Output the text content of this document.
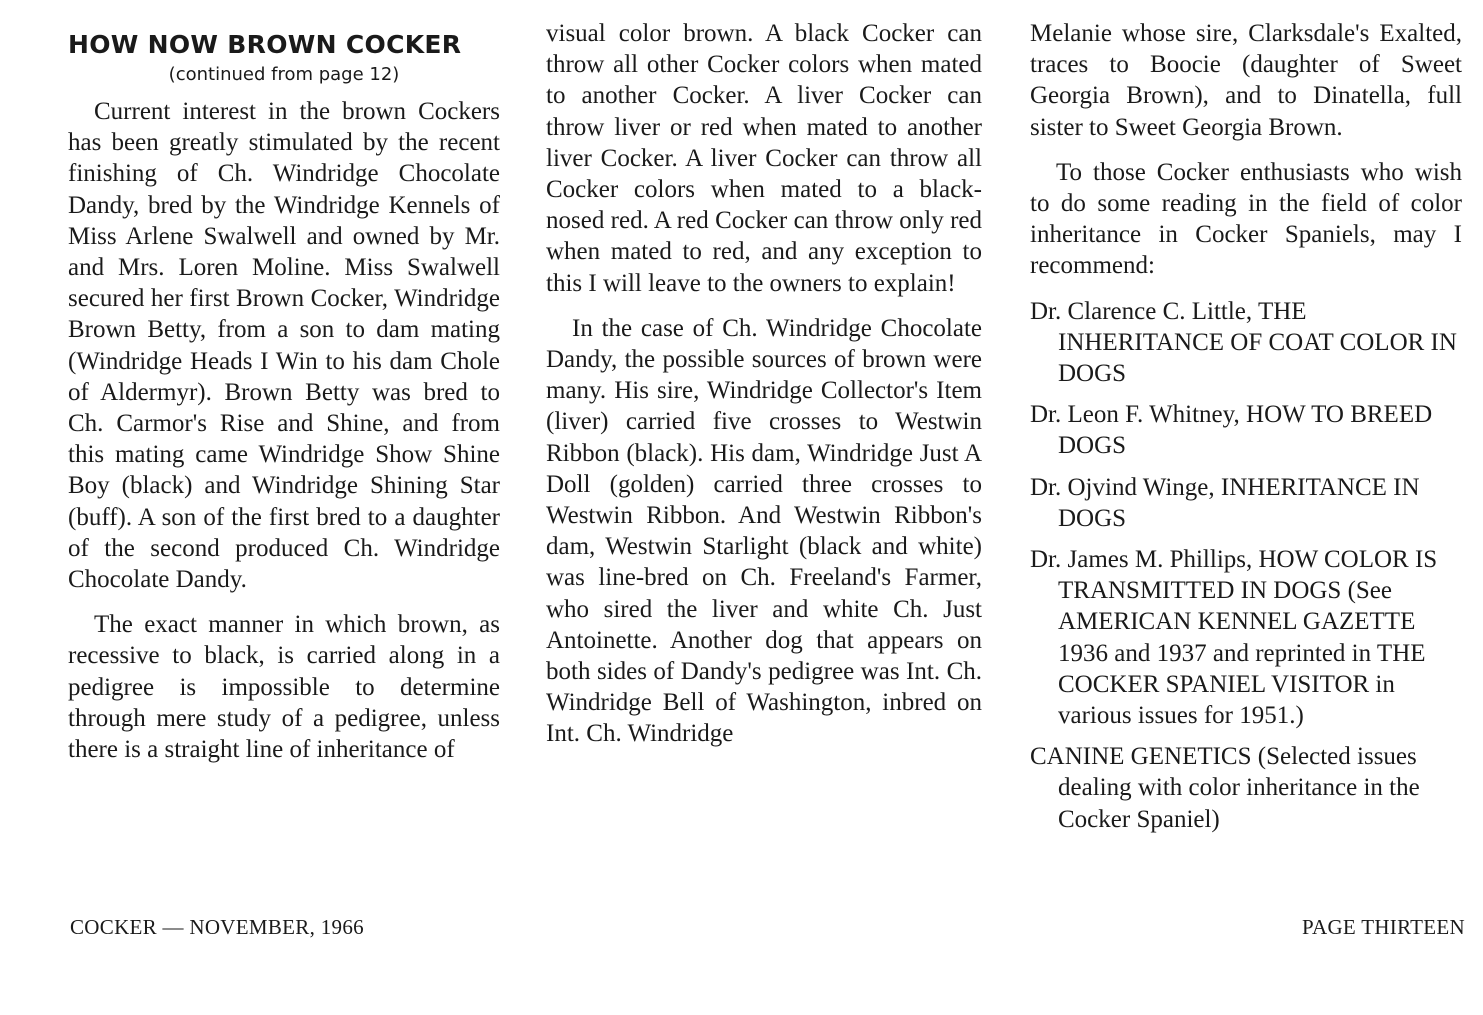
HOW NOW BROWN COCKER
(continued from page 12)

Current interest in the brown Cockers has been greatly stimulated by the recent finishing of Ch. Windridge Chocolate Dandy, bred by the Windridge Kennels of Miss Arlene Swalwell and owned by Mr. and Mrs. Loren Moline. Miss Swalwell secured her first Brown Cocker, Windridge Brown Betty, from a son to dam mating (Windridge Heads I Win to his dam Chole of Aldermyr). Brown Betty was bred to Ch. Carmor's Rise and Shine, and from this mating came Windridge Show Shine Boy (black) and Windridge Shining Star (buff). A son of the first bred to a daughter of the second produced Ch. Windridge Chocolate Dandy.

The exact manner in which brown, as recessive to black, is carried along in a pedigree is impossible to determine through mere study of a pedigree, unless there is a straight line of inheritance of

visual color brown. A black Cocker can throw all other Cocker colors when mated to another Cocker. A liver Cocker can throw liver or red when mated to another liver Cocker. A liver Cocker can throw all Cocker colors when mated to a black-nosed red. A red Cocker can throw only red when mated to red, and any exception to this I will leave to the owners to explain!

In the case of Ch. Windridge Chocolate Dandy, the possible sources of brown were many. His sire, Windridge Collector's Item (liver) carried five crosses to Westwin Ribbon (black). His dam, Windridge Just A Doll (golden) carried three crosses to Westwin Ribbon. And Westwin Ribbon's dam, Westwin Starlight (black and white) was line-bred on Ch. Freeland's Farmer, who sired the liver and white Ch. Just Antoinette. Another dog that appears on both sides of Dandy's pedigree was Int. Ch. Windridge Bell of Washington, inbred on Int. Ch. Windridge

Melanie whose sire, Clarksdale's Exalted, traces to Boocie (daughter of Sweet Georgia Brown), and to Dinatella, full sister to Sweet Georgia Brown.

To those Cocker enthusiasts who wish to do some reading in the field of color inheritance in Cocker Spaniels, may I recommend:

Dr. Clarence C. Little, THE INHERITANCE OF COAT COLOR IN DOGS
Dr. Leon F. Whitney, HOW TO BREED DOGS
Dr. Ojvind Winge, INHERITANCE IN DOGS
Dr. James M. Phillips, HOW COLOR IS TRANSMITTED IN DOGS (See AMERICAN KENNEL GAZETTE 1936 and 1937 and reprinted in THE COCKER SPANIEL VISITOR in various issues for 1951.)
CANINE GENETICS (Selected issues dealing with color inheritance in the Cocker Spaniel)
COCKER — NOVEMBER, 1966	PAGE THIRTEEN
